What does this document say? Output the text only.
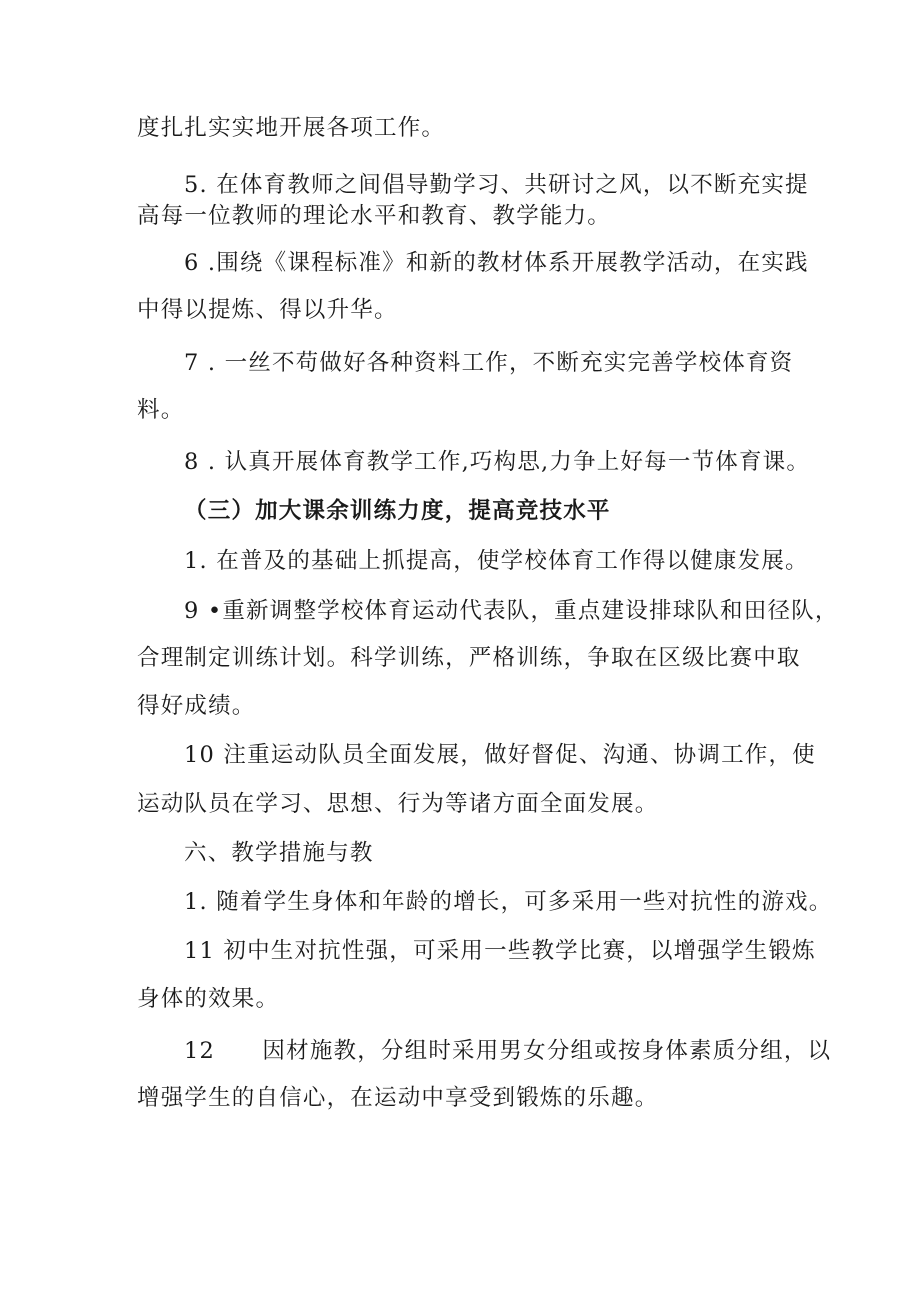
度扎扎实实地开展各项工作。
5. 在体育教师之间倡导勤学习、共研讨之风，以不断充实提
高每一位教师的理论水平和教育、教学能力。
6 .围绕《课程标准》和新的教材体系开展教学活动，在实践
中得以提炼、得以升华。
7 . 一丝不苟做好各种资料工作，不断充实完善学校体育资
料。
8 . 认真开展体育教学工作,巧构思,力争上好每一节体育课。
（三）加大课余训练力度，提高竞技水平
1. 在普及的基础上抓提高，使学校体育工作得以健康发展。
9 •重新调整学校体育运动代表队，重点建设排球队和田径队，
合理制定训练计划。科学训练，严格训练，争取在区级比赛中取
得好成绩。
10 注重运动队员全面发展，做好督促、沟通、协调工作，使
运动队员在学习、思想、行为等诸方面全面发展。
六、教学措施与教
1. 随着学生身体和年龄的增长，可多采用一些对抗性的游戏。
11 初中生对抗性强，可采用一些教学比赛，以增强学生锻炼
身体的效果。
12　　因材施教，分组时采用男女分组或按身体素质分组，以
增强学生的自信心，在运动中享受到锻炼的乐趣。
